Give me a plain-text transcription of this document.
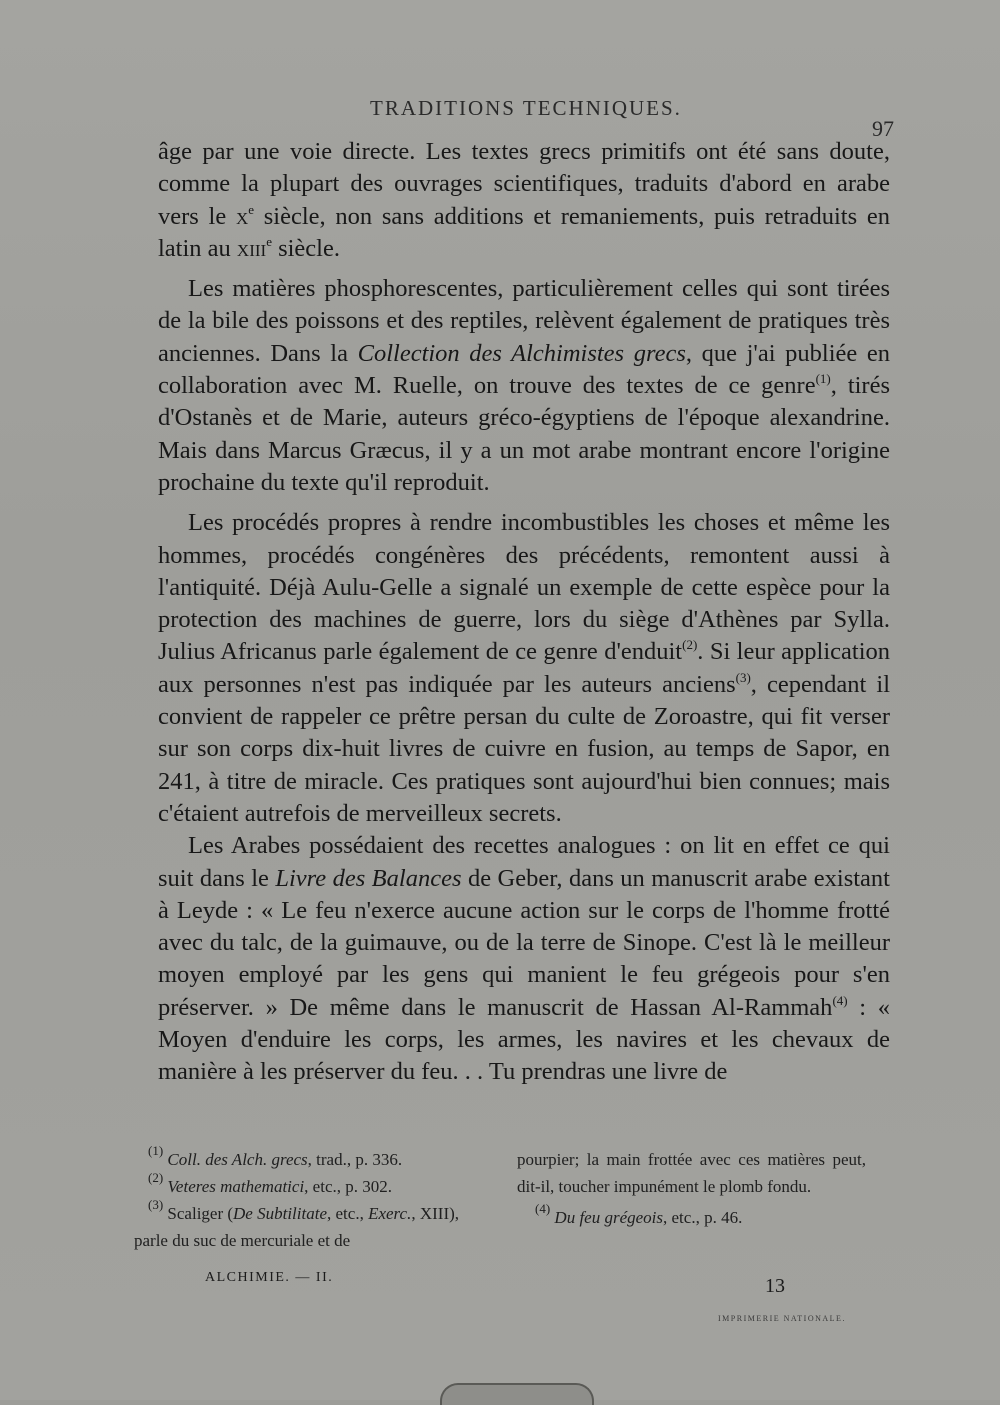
TRADITIONS TECHNIQUES.
97

âge par une voie directe. Les textes grecs primitifs ont été sans doute, comme la plupart des ouvrages scientifiques, traduits d'abord en arabe vers le $x^e$ siècle, non sans additions et remaniements, puis retraduits en latin au xiii$^e$ siècle.

Les matières phosphorescentes, particulièrement celles qui sont tirées de la bile des poissons et des reptiles, relèvent également de pratiques très anciennes. Dans la Collection des Alchimistes grecs, que j'ai publiée en collaboration avec M. Ruelle, on trouve des textes de ce genre$^{(1)}$, tirés d'Ostanès et de Marie, auteurs gréco-égyptiens de l'époque alexandrine. Mais dans Marcus Græcus, il y a un mot arabe montrant encore l'origine prochaine du texte qu'il reproduit.

Les procédés propres à rendre incombustibles les choses et même les hommes, procédés congénères des précédents, remontent aussi à l'antiquité. Déjà Aulu-Gelle a signalé un exemple de cette espèce pour la protection des machines de guerre, lors du siège d'Athènes par Sylla. Julius Africanus parle également de ce genre d'enduit$^{(2)}$. Si leur application aux personnes n'est pas indiquée par les auteurs anciens$^{(3)}$, cependant il convient de rappeler ce prêtre persan du culte de Zoroastre, qui fit verser sur son corps dix-huit livres de cuivre en fusion, au temps de Sapor, en 241, à titre de miracle. Ces pratiques sont aujourd'hui bien connues; mais c'étaient autrefois de merveilleux secrets.

Les Arabes possédaient des recettes analogues : on lit en effet ce qui suit dans le Livre des Balances de Geber, dans un manuscrit arabe existant à Leyde : « Le feu n'exerce aucune action sur le corps de l'homme frotté avec du talc, de la guimauve, ou de la terre de Sinope. C'est là le meilleur moyen employé par les gens qui manient le feu grégeois pour s'en préserver. » De même dans le manuscrit de Hassan Al-Rammah$^{(4)}$ : « Moyen d'enduire les corps, les armes, les navires et les chevaux de manière à les préserver du feu. . . Tu prendras une livre de

$^{(1)}$ Coll. des Alch. grecs, trad., p. 336.

$^{(2)}$ Veteres mathematici, etc., p. 302.

$^{(3)}$ Scaliger (De Subtilitate, etc., Exerc., XIII), parle du suc de mercuriale et de

pourpier; la main frottée avec ces matières peut, dit-il, toucher impunément le plomb fondu.

$^{(4)}$ Du feu grégeois, etc., p. 46.

ALCHIMIE. — II.	13
IMPRIMERIE NATIONALE.
